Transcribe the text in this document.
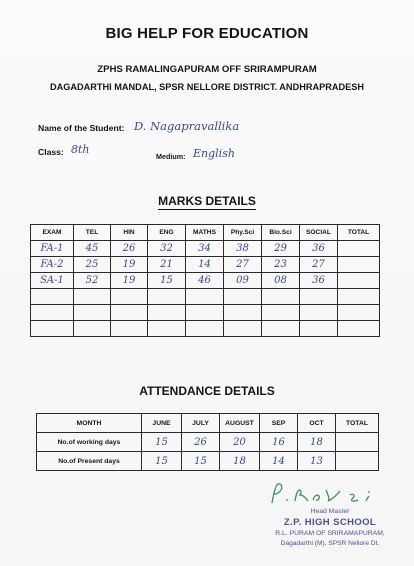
BIG HELP FOR EDUCATION
ZPHS RAMALINGAPURAM OFF SRIRAMPURAM
DAGADARTHI MANDAL, SPSR NELLORE DISTRICT. ANDHRAPRADESH
Name of the Student: D. Nagapravallika
Class: 8th
Medium: English
MARKS DETAILS
EXAM	TEL	HIN	ENG	MATHS	Phy.Sci	Bio.Sci	SOCIAL	TOTAL
FA-1	45	26	32	34	38	29	36	
FA-2	25	19	21	14	27	23	27	
SA-1	52	19	15	46	09	08	36	

ATTENDANCE DETAILS
MONTH	JUNE	JULY	AUGUST	SEP	OCT	TOTAL
No.of working days	15	26	20	16	18	
No.of Present days	15	15	18	14	13	
Head Master
Z.P. HIGH SCHOOL
R.L. PURAM OF SRIRAMAPURAM,
Dagadarthi (M), SPSR Nellore Dt.
